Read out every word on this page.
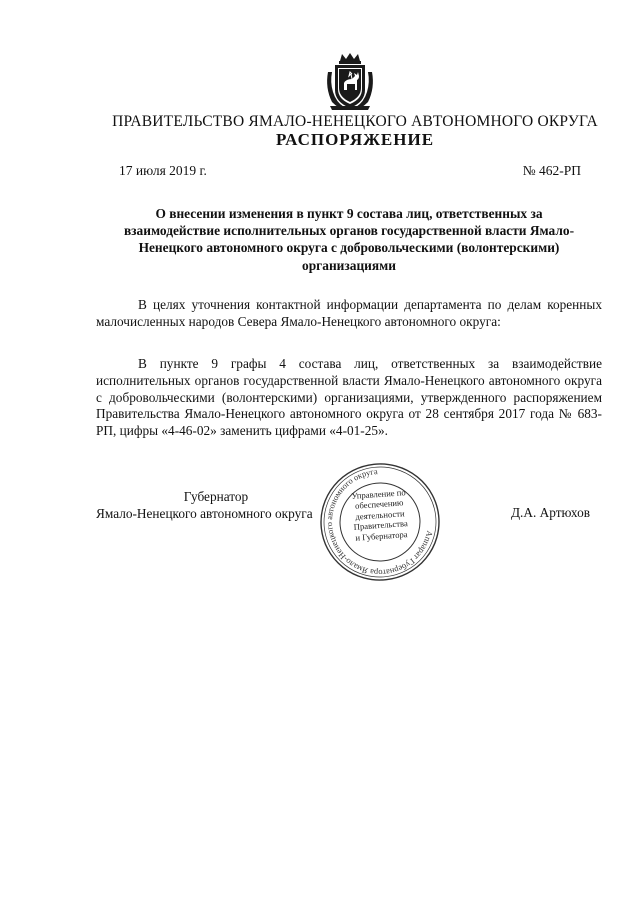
ПРАВИТЕЛЬСТВО ЯМАЛО-НЕНЕЦКОГО АВТОНОМНОГО ОКРУГА
РАСПОРЯЖЕНИЕ
17 июля 2019 г.	№ 462-РП
О внесении изменения в пункт 9 состава лиц, ответственных за взаимодействие исполнительных органов государственной власти Ямало-Ненецкого автономного округа с добровольческими (волонтерскими) организациями
В целях уточнения контактной информации департамента по делам коренных малочисленных народов Севера Ямало-Ненецкого автономного округа:
В пункте 9 графы 4 состава лиц, ответственных за взаимодействие исполнительных органов государственной власти Ямало-Ненецкого автономного округа с добровольческими (волонтерскими) организациями, утвержденного распоряжением Правительства Ямало-Ненецкого автономного округа от 28 сентября 2017 года № 683-РП, цифры «4-46-02» заменить цифрами «4-01-25».
Губернатор
Ямало-Ненецкого автономного округа
Аппарат Губернатора Ямало-Ненецкого автономного округа
Управление по
обеспечению
деятельности
Правительства
и Губернатора
Д.А. Артюхов
